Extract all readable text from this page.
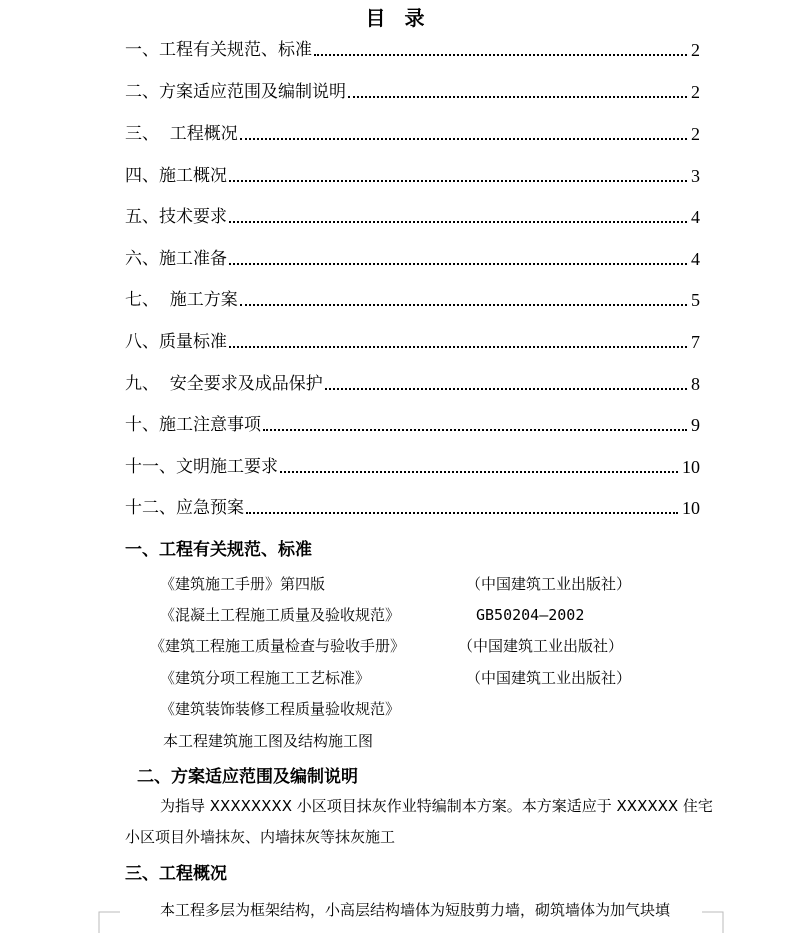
目 录
一、工程有关规范、标准	2
二、方案适应范围及编制说明	2
三、  工程概况	2
四、施工概况	3
五、技术要求	4
六、施工准备	4
七、  施工方案	5
八、质量标准	7
九、  安全要求及成品保护	8
十、施工注意事项	9
十一、文明施工要求	10
十二、应急预案	10
一、工程有关规范、标准
《建筑施工手册》第四版	（中国建筑工业出版社）
《混凝土工程施工质量及验收规范》	GB50204—2002
《建筑工程施工质量检查与验收手册》	（中国建筑工业出版社）
《建筑分项工程施工工艺标准》	（中国建筑工业出版社）
《建筑装饰装修工程质量验收规范》
本工程建筑施工图及结构施工图
二、方案适应范围及编制说明
为指导 XXXXXXXX 小区项目抹灰作业特编制本方案。本方案适应于 XXXXXX 住宅
小区项目外墙抹灰、内墙抹灰等抹灰施工
三、工程概况
本工程多层为框架结构，小高层结构墙体为短肢剪力墙，砌筑墙体为加气块填
